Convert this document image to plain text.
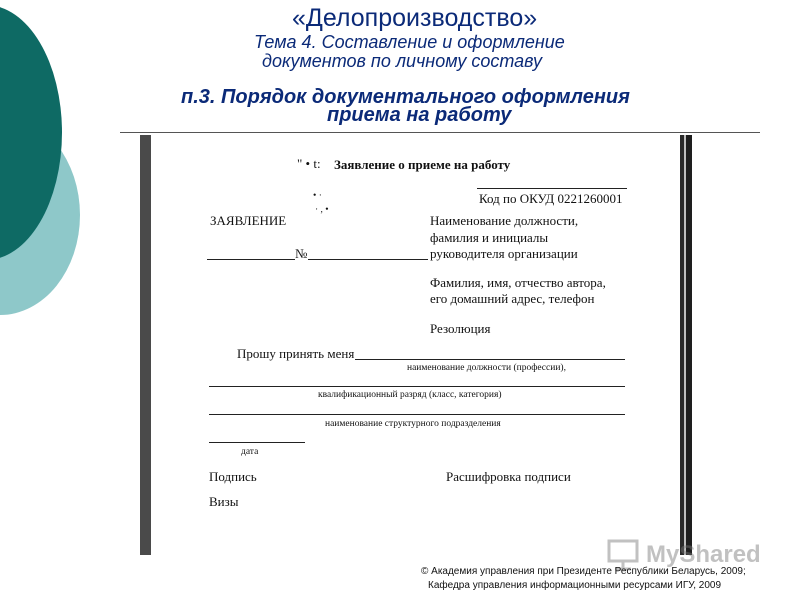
«Делопроизводство»
Тема 4. Составление и оформление
документов по личному составу
п.3. Порядок документального оформления
приема на работу
" • t: Заявление о приеме на работу
• ·
· , •
Код по ОКУД 0221260001
ЗАЯВЛЕНИЕ	Наименование должности,
фамилия и инициалы
№	руководителя организации
Фамилия, имя, отчество автора,
его домашний адрес, телефон
Резолюция
Прошу принять меня
наименование должности (профессии),
квалификационный разряд (класс, категория)
наименование структурного подразделения
дата
Подпись	Расшифровка подписи
Визы
MyShared
© Академия управления при Президенте Республики Беларусь, 2009;
Кафедра управления информационными ресурсами ИГУ, 2009
